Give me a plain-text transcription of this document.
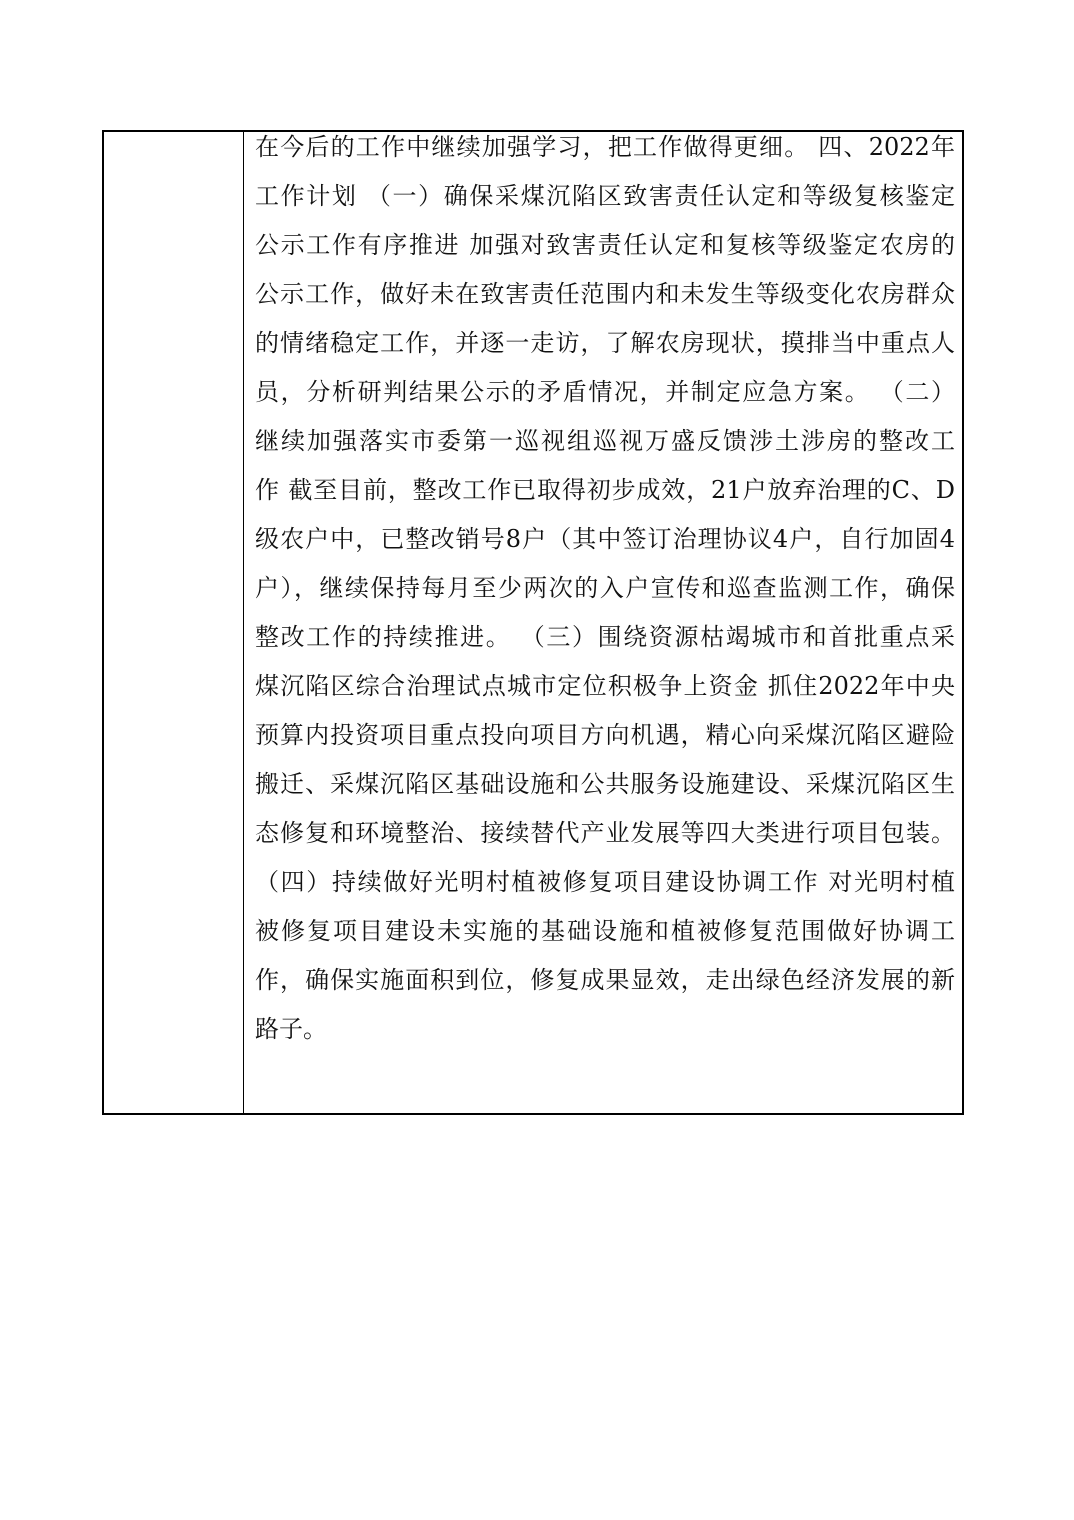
在今后的工作中继续加强学习，把工作做得更细。 四、2022年
工作计划 （一）确保采煤沉陷区致害责任认定和等级复核鉴定
公示工作有序推进 加强对致害责任认定和复核等级鉴定农房的
公示工作，做好未在致害责任范围内和未发生等级变化农房群众
的情绪稳定工作，并逐一走访，了解农房现状，摸排当中重点人
员，分析研判结果公示的矛盾情况，并制定应急方案。 （二）
继续加强落实市委第一巡视组巡视万盛反馈涉土涉房的整改工
作 截至目前，整改工作已取得初步成效，21户放弃治理的C、D
级农户中，已整改销号8户（其中签订治理协议4户，自行加固4
户），继续保持每月至少两次的入户宣传和巡查监测工作，确保
整改工作的持续推进。 （三）围绕资源枯竭城市和首批重点采
煤沉陷区综合治理试点城市定位积极争上资金 抓住2022年中央
预算内投资项目重点投向项目方向机遇，精心向采煤沉陷区避险
搬迁、采煤沉陷区基础设施和公共服务设施建设、采煤沉陷区生
态修复和环境整治、接续替代产业发展等四大类进行项目包装。
（四）持续做好光明村植被修复项目建设协调工作 对光明村植
被修复项目建设未实施的基础设施和植被修复范围做好协调工
作，确保实施面积到位，修复成果显效，走出绿色经济发展的新
路子。
